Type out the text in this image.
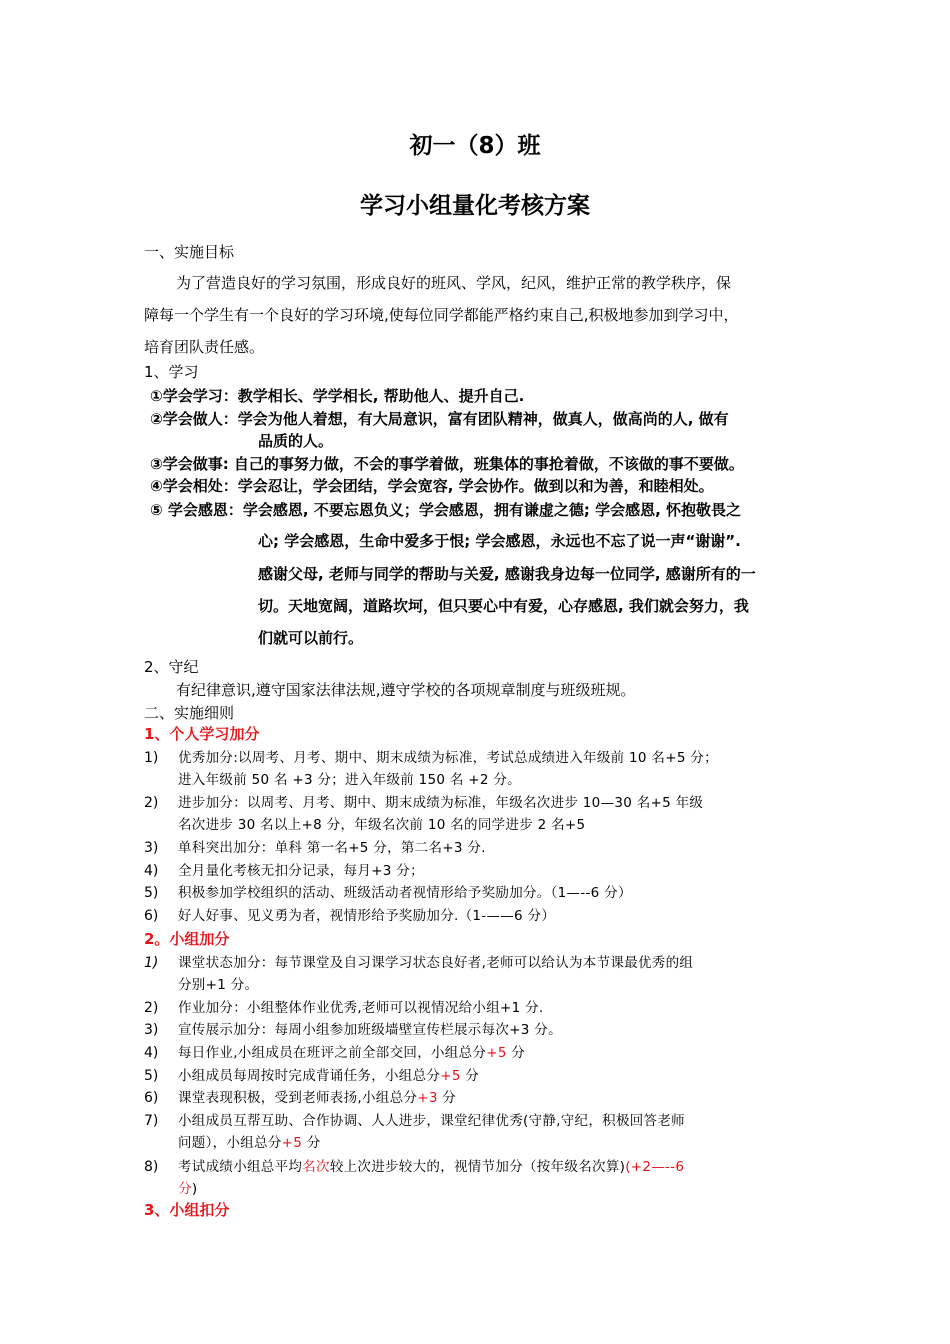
初一（8）班
学习小组量化考核方案
一、实施目标
为了营造良好的学习氛围，形成良好的班风、学风，纪风，维护正常的教学秩序，保
障每一个学生有一个良好的学习环境,使每位同学都能严格约束自己,积极地参加到学习中，
培育团队责任感。
1、学习
①学会学习：教学相长、学学相长, 帮助他人、提升自己.
②学会做人：学会为他人着想，有大局意识，富有团队精神，做真人，做高尚的人, 做有
品质的人。
③学会做事: 自己的事努力做，不会的事学着做，班集体的事抢着做，不该做的事不要做。
④学会相处：学会忍让，学会团结，学会宽容, 学会协作。做到以和为善，和睦相处。
⑤ 学会感恩：学会感恩, 不要忘恩负义；学会感恩，拥有谦虚之德; 学会感恩, 怀抱敬畏之
心; 学会感恩，生命中爱多于恨; 学会感恩，永远也不忘了说一声“谢谢”.
感谢父母, 老师与同学的帮助与关爱, 感谢我身边每一位同学, 感谢所有的一
切。天地宽阔，道路坎坷，但只要心中有爱，心存感恩, 我们就会努力，我
们就可以前行。
2、守纪
有纪律意识,遵守国家法律法规,遵守学校的各项规章制度与班级班规。
二、实施细则
1、个人学习加分
1) 优秀加分:以周考、月考、期中、期末成绩为标准，考试总成绩进入年级前 10 名+5 分；
进入年级前 50 名 +3 分；进入年级前 150 名 +2 分。
2) 进步加分：以周考、月考、期中、期末成绩为标准，年级名次进步 10—30 名+5 年级
名次进步 30 名以上+8 分，年级名次前 10 名的同学进步 2 名+5
3) 单科突出加分：单科 第一名+5 分，第二名+3 分.
4) 全月量化考核无扣分记录，每月+3 分；
5) 积极参加学校组织的活动、班级活动者视情形给予奖励加分。（1—--6 分）
6) 好人好事、见义勇为者，视情形给予奖励加分.（1-——6 分）
2。小组加分
1) 课堂状态加分：每节课堂及自习课学习状态良好者,老师可以给认为本节课最优秀的组
分别+1 分。
2) 作业加分：小组整体作业优秀,老师可以视情况给小组+1 分.
3) 宣传展示加分：每周小组参加班级墙壁宣传栏展示每次+3 分。
4) 每日作业,小组成员在班评之前全部交回，小组总分+5 分
5) 小组成员每周按时完成背诵任务，小组总分+5 分
6) 课堂表现积极，受到老师表扬,小组总分+3 分
7) 小组成员互帮互助、合作协调、人人进步，课堂纪律优秀(守静,守纪，积极回答老师
问题），小组总分+5 分
8) 考试成绩小组总平均名次较上次进步较大的，视情节加分（按年级名次算)(+2—--6
分)
3、小组扣分
